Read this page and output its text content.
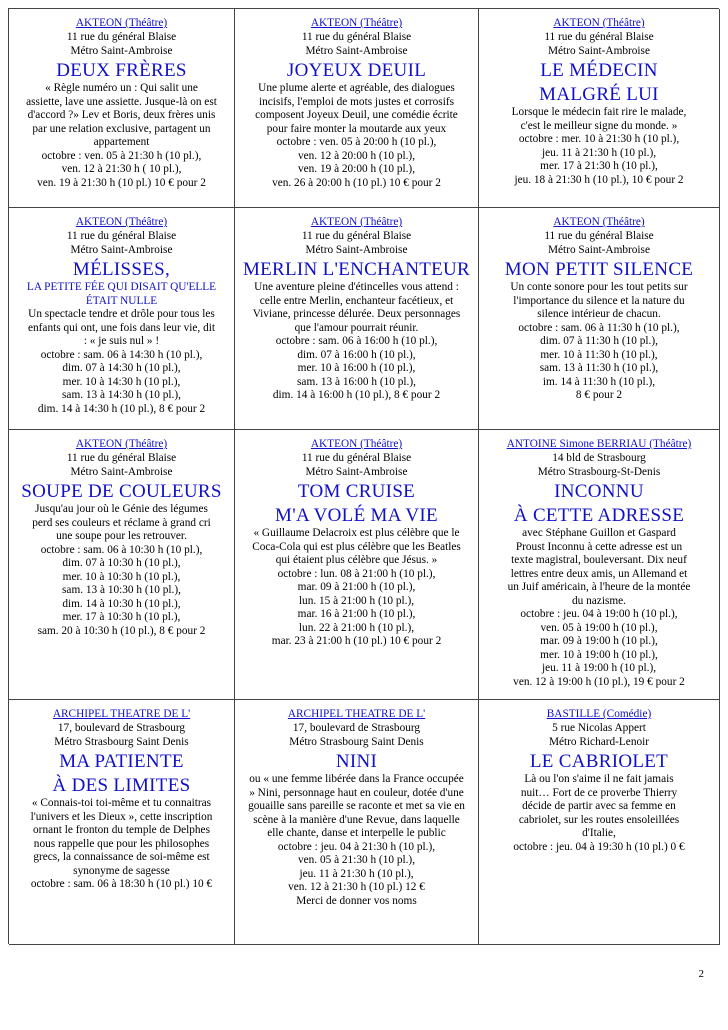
AKTEON (Théâtre)
11 rue du général Blaise
Métro Saint-Ambroise
DEUX FRÈRES
« Règle numéro un : Qui salit une
assiette, lave une assiette. Jusque-là on est
d'accord ?» Lev et Boris, deux frères unis
par une relation exclusive, partagent un
appartement
octobre : ven. 05 à 21:30 h (10 pl.),
ven. 12 à 21:30 h ( 10 pl.),
ven. 19 à 21:30 h (10 pl.) 10 € pour 2
AKTEON (Théâtre)
11 rue du général Blaise
Métro Saint-Ambroise
JOYEUX DEUIL
Une plume alerte et agréable, des dialogues
incisifs, l'emploi de mots justes et corrosifs
composent Joyeux Deuil, une comédie écrite
pour faire monter la moutarde aux yeux
octobre : ven. 05 à 20:00 h (10 pl.),
ven. 12 à 20:00 h (10 pl.),
ven. 19 à 20:00 h (10 pl.),
ven. 26 à 20:00 h (10 pl.) 10 € pour 2
AKTEON (Théâtre)
11 rue du général Blaise
Métro Saint-Ambroise
LE MÉDECIN
MALGRÉ LUI
Lorsque le médecin fait rire le malade,
c'est le meilleur signe du monde. »
octobre : mer. 10 à 21:30 h (10 pl.),
jeu. 11 à 21:30 h (10 pl.),
mer. 17 à 21:30 h (10 pl.),
jeu. 18 à 21:30 h (10 pl.), 10 € pour 2
AKTEON (Théâtre)
11 rue du général Blaise
Métro Saint-Ambroise
MÉLISSES,
LA PETITE FÉE QUI DISAIT QU'ELLE
ÉTAIT NULLE
Un spectacle tendre et drôle pour tous les
enfants qui ont, une fois dans leur vie, dit
: « je suis nul » !
octobre : sam. 06 à 14:30 h (10 pl.),
dim. 07 à 14:30 h (10 pl.),
mer. 10 à 14:30 h (10 pl.),
sam. 13 à 14:30 h (10 pl.),
dim. 14 à 14:30 h (10 pl.), 8 € pour 2
AKTEON (Théâtre)
11 rue du général Blaise
Métro Saint-Ambroise
MERLIN L'ENCHANTEUR
Une aventure pleine d'étincelles vous attend :
celle entre Merlin, enchanteur facétieux, et
Viviane, princesse délurée. Deux personnages
que l'amour pourrait réunir.
octobre : sam. 06 à 16:00 h (10 pl.),
dim. 07 à 16:00 h (10 pl.),
mer. 10 à 16:00 h (10 pl.),
sam. 13 à 16:00 h (10 pl.),
dim. 14 à 16:00 h (10 pl.), 8 € pour 2
AKTEON (Théâtre)
11 rue du général Blaise
Métro Saint-Ambroise
MON PETIT SILENCE
Un conte sonore pour les tout petits sur
l'importance du silence et la nature du
silence intérieur de chacun.
octobre : sam. 06 à 11:30 h (10 pl.),
dim. 07 à 11:30 h (10 pl.),
mer. 10 à 11:30 h (10 pl.),
sam. 13 à 11:30 h (10 pl.),
im. 14 à 11:30 h (10 pl.),
8 € pour 2
AKTEON (Théâtre)
11 rue du général Blaise
Métro Saint-Ambroise
SOUPE DE COULEURS
Jusqu'au jour où le Génie des légumes
perd ses couleurs et réclame à grand cri
une soupe pour les retrouver.
octobre : sam. 06 à 10:30 h (10 pl.),
dim. 07 à 10:30 h (10 pl.),
mer. 10 à 10:30 h (10 pl.),
sam. 13 à 10:30 h (10 pl.),
dim. 14 à 10:30 h (10 pl.),
mer. 17 à 10:30 h (10 pl.),
sam. 20 à 10:30 h (10 pl.), 8 € pour 2
AKTEON (Théâtre)
11 rue du général Blaise
Métro Saint-Ambroise
TOM CRUISE
M'A VOLÉ MA VIE
« Guillaume Delacroix est plus célèbre que le
Coca-Cola qui est plus célèbre que les Beatles
qui étaient plus célèbre que Jésus. »
octobre : lun. 08 à 21:00 h (10 pl.),
mar. 09 à 21:00 h (10 pl.),
lun. 15 à 21:00 h (10 pl.),
mar. 16 à 21:00 h (10 pl.),
lun. 22 à 21:00 h (10 pl.),
mar. 23 à 21:00 h (10 pl.) 10 € pour 2
ANTOINE Simone BERRIAU (Théâtre)
14 bld de Strasbourg
Métro Strasbourg-St-Denis
INCONNU
À CETTE ADRESSE
avec Stéphane Guillon et Gaspard
Proust Inconnu à cette adresse est un
texte magistral, bouleversant. Dix neuf
lettres entre deux amis, un Allemand et
un Juif américain, à l'heure de la montée
du nazisme.
octobre : jeu. 04 à 19:00 h (10 pl.),
ven. 05 à 19:00 h (10 pl.),
mar. 09 à 19:00 h (10 pl.),
mer. 10 à 19:00 h (10 pl.),
jeu. 11 à 19:00 h (10 pl.),
ven. 12 à 19:00 h (10 pl.), 19 € pour 2
ARCHIPEL THEATRE DE L'
17, boulevard de Strasbourg
Métro Strasbourg Saint Denis
MA PATIENTE
À DES LIMITES
« Connais-toi toi-même et tu connaitras
l'univers et les Dieux », cette inscription
ornant le fronton du temple de Delphes
nous rappelle que pour les philosophes
grecs, la connaissance de soi-même est
synonyme de sagesse
octobre : sam. 06 à 18:30 h (10 pl.) 10 €
ARCHIPEL THEATRE DE L'
17, boulevard de Strasbourg
Métro Strasbourg Saint Denis
NINI
ou « une femme libérée dans la France occupée
» Nini, personnage haut en couleur, dotée d'une
gouaille sans pareille se raconte et met sa vie en
scène à la manière d'une Revue, dans laquelle
elle chante, danse et interpelle le public
octobre : jeu. 04 à 21:30 h (10 pl.),
ven. 05 à 21:30 h (10 pl.),
jeu. 11 à 21:30 h (10 pl.),
ven. 12 à 21:30 h (10 pl.) 12 €
Merci de donner vos noms
BASTILLE (Comédie)
5 rue Nicolas Appert
Métro Richard-Lenoir
LE CABRIOLET
Là ou l'on s'aime il ne fait jamais
nuit… Fort de ce proverbe Thierry
décide de partir avec sa femme en
cabriolet, sur les routes ensoleillées
d'Italie,
octobre : jeu. 04 à 19:30 h (10 pl.) 0 €
2
